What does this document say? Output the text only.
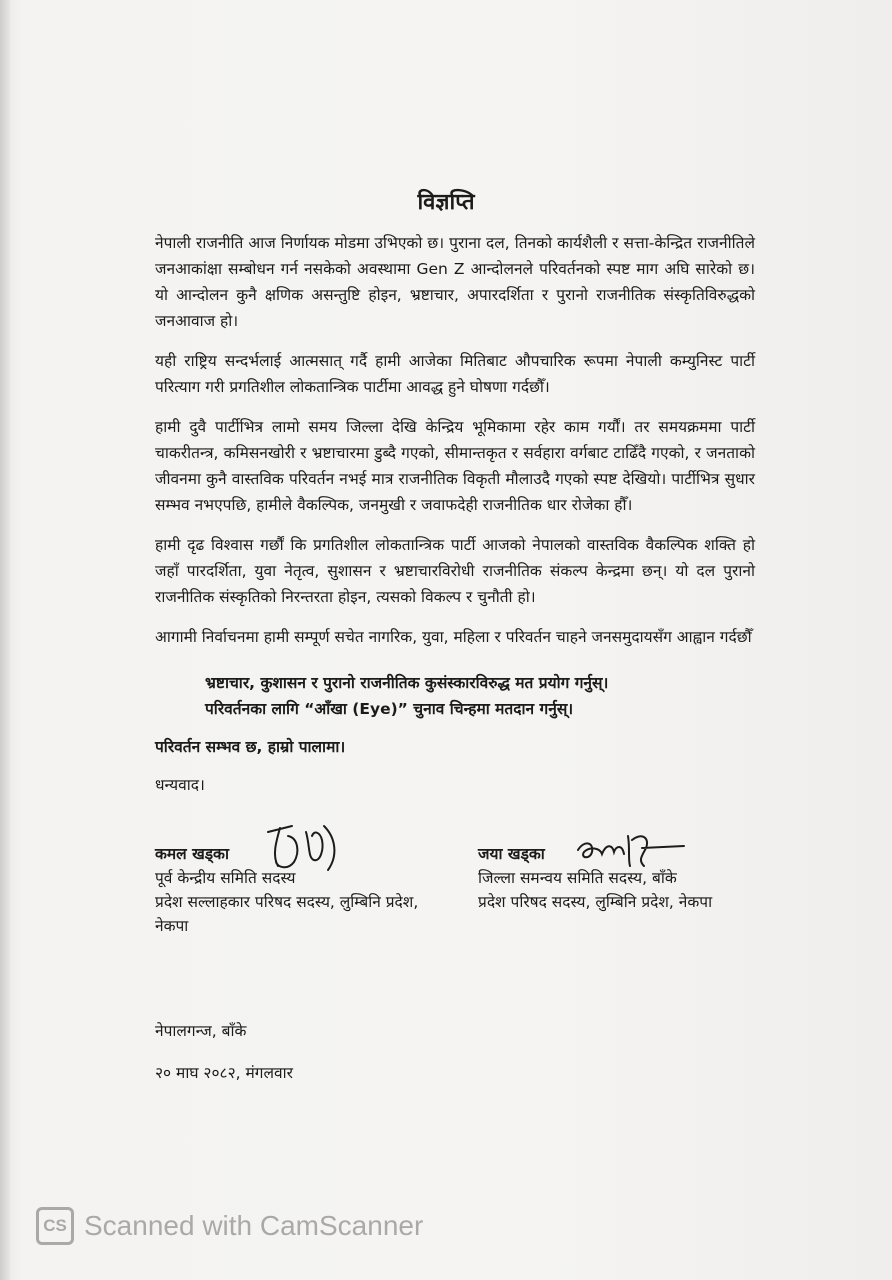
विज्ञप्ति

नेपाली राजनीति आज निर्णायक मोडमा उभिएको छ। पुराना दल, तिनको कार्यशैली र सत्ता-केन्द्रित राजनीतिले जनआकांक्षा सम्बोधन गर्न नसकेको अवस्थामा Gen Z आन्दोलनले परिवर्तनको स्पष्ट माग अघि सारेको छ। यो आन्दोलन कुनै क्षणिक असन्तुष्टि होइन, भ्रष्टाचार, अपारदर्शिता र पुरानो राजनीतिक संस्कृतिविरुद्धको जनआवाज हो।

यही राष्ट्रिय सन्दर्भलाई आत्मसात् गर्दै हामी आजेका मितिबाट औपचारिक रूपमा नेपाली कम्युनिस्ट पार्टी परित्याग गरी प्रगतिशील लोकतान्त्रिक पार्टीमा आवद्ध हुने घोषणा गर्दछौँ।

हामी दुवै पार्टीभित्र लामो समय जिल्ला देखि केन्द्रिय भूमिकामा रहेर काम गर्यौं। तर समयक्रममा पार्टी चाकरीतन्त्र, कमिसनखोरी र भ्रष्टाचारमा डुब्दै गएको, सीमान्तकृत र सर्वहारा वर्गबाट टाढिँदै गएको, र जनताको जीवनमा कुनै वास्तविक परिवर्तन नभई मात्र राजनीतिक विकृती मौलाउदै गएको स्पष्ट देखियो। पार्टीभित्र सुधार सम्भव नभएपछि, हामीले वैकल्पिक, जनमुखी र जवाफदेही राजनीतिक धार रोजेका हौँ।

हामी दृढ विश्वास गर्छौं कि प्रगतिशील लोकतान्त्रिक पार्टी आजको नेपालको वास्तविक वैकल्पिक शक्ति हो जहाँ पारदर्शिता, युवा नेतृत्व, सुशासन र भ्रष्टाचारविरोधी राजनीतिक संकल्प केन्द्रमा छन्। यो दल पुरानो राजनीतिक संस्कृतिको निरन्तरता होइन, त्यसको विकल्प र चुनौती हो।

आगामी निर्वाचनमा हामी सम्पूर्ण सचेत नागरिक, युवा, महिला र परिवर्तन चाहने जनसमुदायसँग आह्वान गर्दछौँ

भ्रष्टाचार, कुशासन र पुरानो राजनीतिक कुसंस्कारविरुद्ध मत प्रयोग गर्नुस्।
परिवर्तनका लागि “आँखा (Eye)” चुनाव चिन्हमा मतदान गर्नुस्।
परिवर्तन सम्भव छ, हाम्रो पालामा।
धन्यवाद।
कमल खड्का
पूर्व केन्द्रीय समिति सदस्य
प्रदेश सल्लाहकार परिषद सदस्य, लुम्बिनि प्रदेश, नेकपा
जया खड्का
जिल्ला समन्वय समिति सदस्य, बाँके
प्रदेश परिषद सदस्य, लुम्बिनि प्रदेश, नेकपा
नेपालगन्ज, बाँके
२० माघ २०८२, मंगलवार
CS Scanned with CamScanner
